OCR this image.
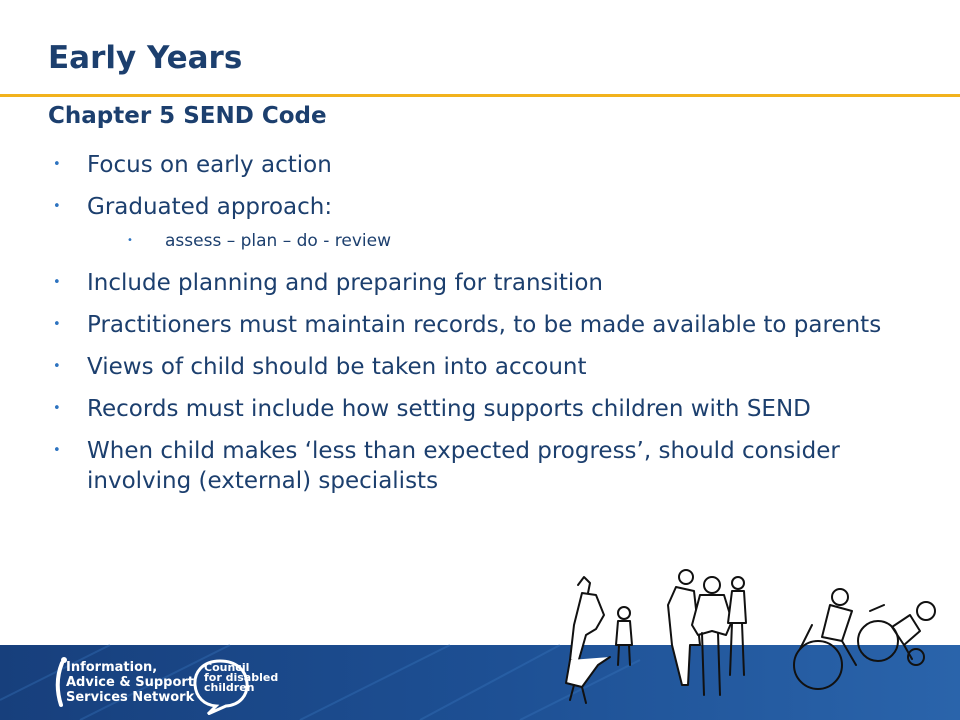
Early Years
Chapter 5 SEND Code
• Focus on early action
• Graduated approach:
• assess – plan – do - review
• Include planning and preparing for transition
• Practitioners must maintain records, to be made available to parents
• Views of child should be taken into account
• Records must include how setting supports children with SEND
• When child makes ‘less than expected progress’, should consider involving (external) specialists

Information,
Advice & Support
Services Network

Council
for disabled
children
